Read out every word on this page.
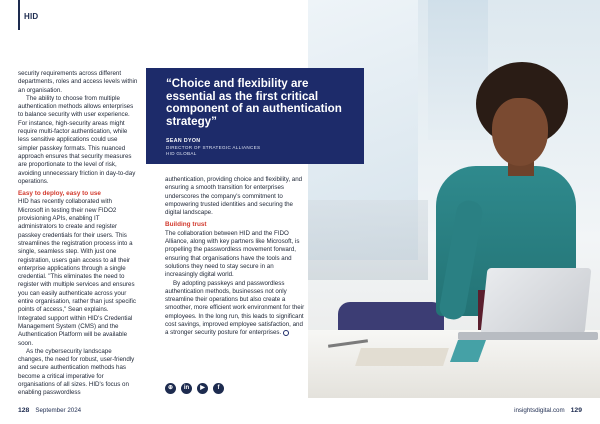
HID

security requirements across different departments, roles and access levels within an organisation.

The ability to choose from multiple authentication methods allows enterprises to balance security with user experience. For instance, high-security areas might require multi-factor authentication, while less sensitive applications could use simpler passkey formats. This nuanced approach ensures that security measures are proportionate to the level of risk, avoiding unnecessary friction in day-to-day operations.

Easy to deploy, easy to use

HID has recently collaborated with Microsoft in testing their new FIDO2 provisioning APIs, enabling IT administrators to create and register passkey credentials for their users. This streamlines the registration process into a single, seamless step. With just one registration, users gain access to all their enterprise applications through a single credential. "This eliminates the need to register with multiple services and ensures you can easily authenticate across your entire organisation, rather than just specific points of access," Sean explains. Integrated support within HID's Credential Management System (CMS) and the Authentication Platform will be available soon.

As the cybersecurity landscape changes, the need for robust, user-friendly and secure authentication methods has become a critical imperative for organisations of all sizes. HID's focus on enabling passwordless

“Choice and flexibility are essential as the first critical component of an authentication strategy”
SEAN DYON
DIRECTOR OF STRATEGIC ALLIANCES
HID GLOBAL

authentication, providing choice and flexibility, and ensuring a smooth transition for enterprises underscores the company's commitment to empowering trusted identities and securing the digital landscape.

Building trust

The collaboration between HID and the FIDO Alliance, along with key partners like Microsoft, is propelling the passwordless movement forward, ensuring that organisations have the tools and solutions they need to stay secure in an increasingly digital world.

By adopting passkeys and passwordless authentication methods, businesses not only streamline their operations but also create a smoother, more efficient work environment for their employees. In the long run, this leads to significant cost savings, improved employee satisfaction, and a stronger security posture for enterprises.

⊕	in	▶	f
128 September 2024	insightsdigital.com 129
